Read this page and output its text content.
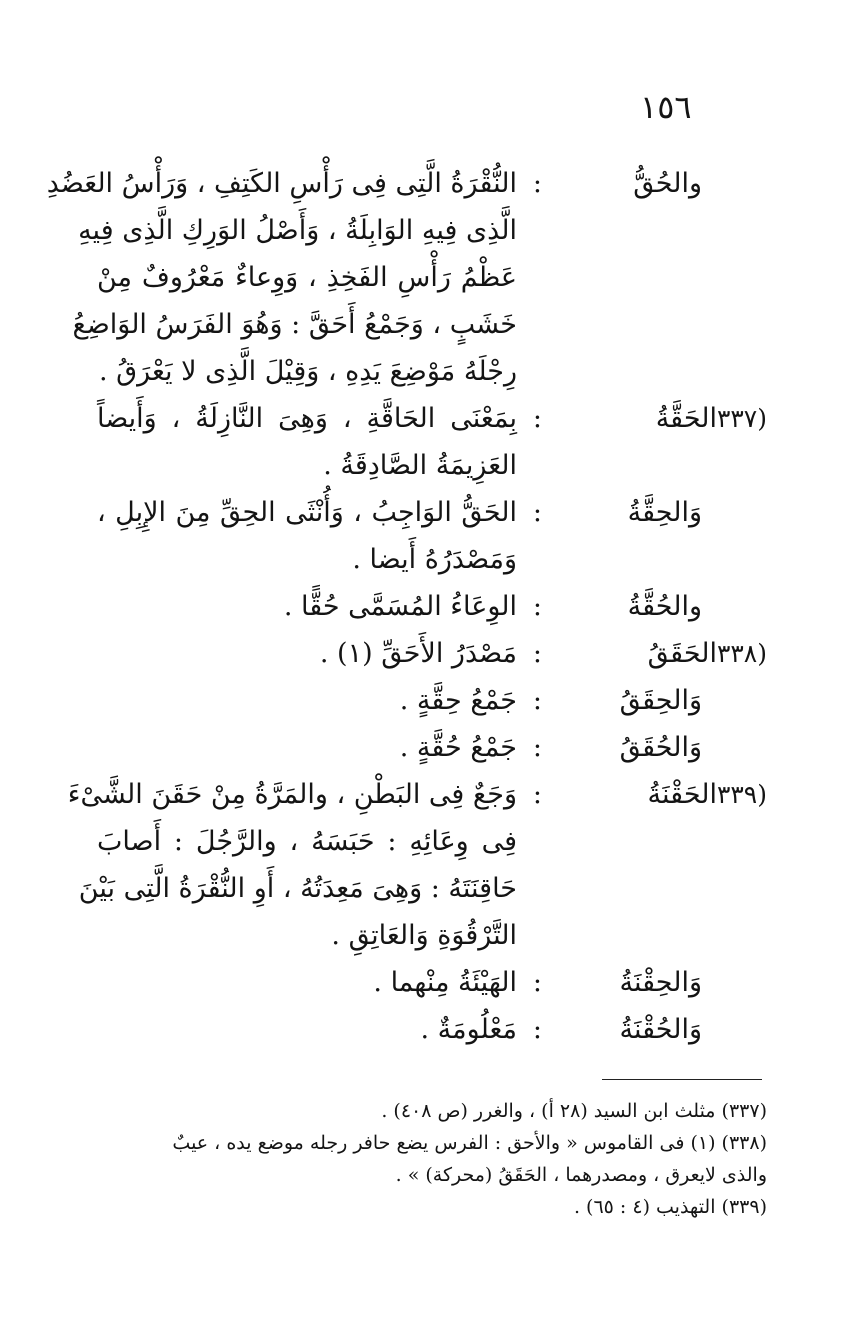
١٥٦
والحُقُّ
:
النُّقْرَةُ الَّتِى فِى رَأْسِ الكَتِفِ ، وَرَأْسُ العَضُدِ
الَّذِى فِيهِ الوَابِلَةُ ، وَأَصْلُ الوَرِكِ الَّذِى فِيهِ
عَظْمُ رَأْسِ الفَخِذِ ، وَوِعاءٌ مَعْرُوفٌ مِنْ
خَشَبٍ ، وَجَمْعُ أَحَقَّ : وَهُوَ الفَرَسُ الوَاضِعُ
رِجْلَهُ مَوْضِعَ يَدِهِ ، وَقِيْلَ الَّذِى لا يَعْرَقُ .
(٣٣٧
الحَقَّةُ
:
بِمَعْنَى الحَاقَّةِ ، وَهِىَ النَّازِلَةُ ، وَأَيضاً
العَزِيمَةُ الصَّادِقَةُ .
وَالحِقَّةُ
:
الحَقُّ الوَاجِبُ ، وَأُنْثَى الحِقِّ مِنَ الإِبِلِ ،
وَمَصْدَرُهُ أَيضا .
والحُقَّةُ
:
الوِعَاءُ المُسَمَّى حُقًّا .
(٣٣٨
الحَقَقُ
:
مَصْدَرُ الأَحَقِّ (١) .
وَالحِقَقُ
:
جَمْعُ حِقَّةٍ .
وَالحُقَقُ
:
جَمْعُ حُقَّةٍ .
(٣٣٩
الحَقْنَةُ
:
وَجَعٌ فِى البَطْنِ ، والمَرَّةُ مِنْ حَقَنَ الشَّىْءَ
فِى وِعَائِهِ : حَبَسَهُ ، والرَّجُلَ : أَصابَ
حَاقِنَتَهُ : وَهِىَ مَعِدَتُهُ ، أَوِ النُّقْرَةُ الَّتِى بَيْنَ
التَّرْقُوَةِ وَالعَاتِقِ .
وَالحِقْنَةُ
:
الهَيْئَةُ مِنْهما .
وَالحُقْنَةُ
:
مَعْلُومَةٌ .
(٣٣٧) مثلث ابن السيد (٢٨ أ) ، والغرر (ص ٤٠٨) .
(٣٣٨) (١) فى القاموس « والأحق : الفرس يضع حافر رجله موضع يده ، عيبٌ
والذى لايعرق ، ومصدرهما ، الحَقَقُ (محركة) » .
(٣٣٩) التهذيب (٤ : ٦٥) .
